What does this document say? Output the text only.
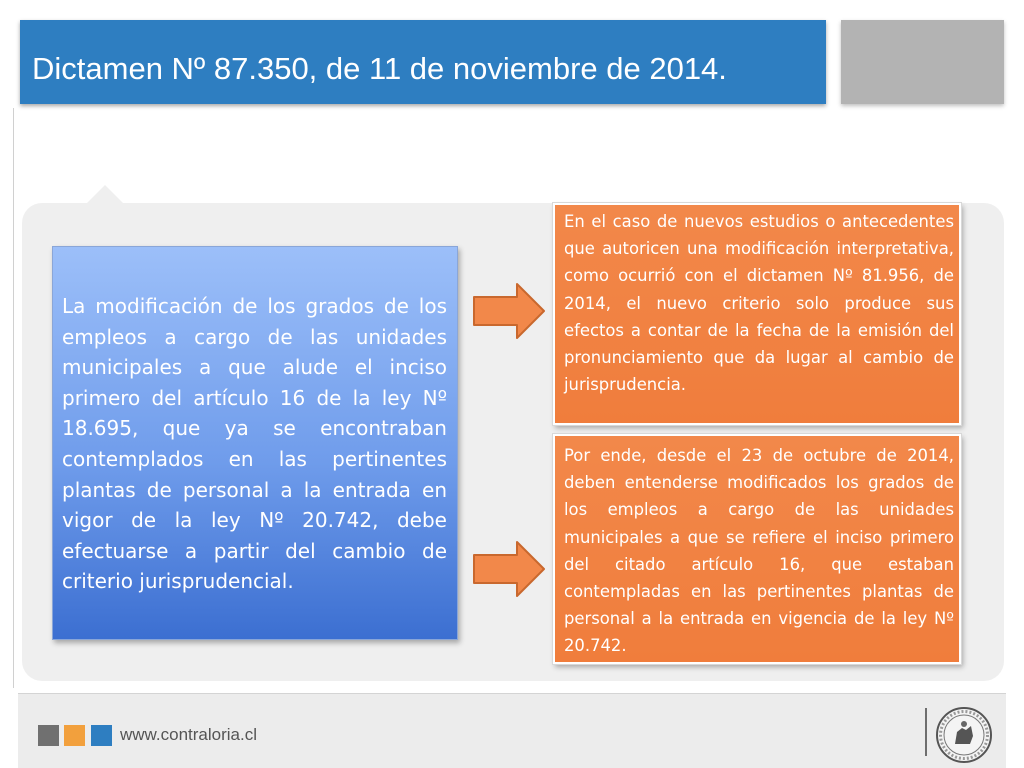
Dictamen Nº 87.350, de 11 de noviembre de 2014.

La modificación de los grados de los empleos a cargo de las unidades municipales a que alude el inciso primero del artículo 16 de la ley Nº 18.695, que ya se encontraban contemplados en las pertinentes plantas de personal a la entrada en vigor de la ley Nº 20.742, debe efectuarse a partir del cambio de criterio jurisprudencial.

En el caso de nuevos estudios o antecedentes que autoricen una modificación interpretativa, como ocurrió con el dictamen Nº 81.956, de 2014, el nuevo criterio solo produce sus efectos a contar de la fecha de la emisión del pronunciamiento que da lugar al cambio de jurisprudencia.

Por ende, desde el 23 de octubre de 2014, deben entenderse modificados los grados de los empleos a cargo de las unidades municipales a que se refiere el inciso primero del citado artículo 16, que estaban contempladas en las pertinentes plantas de personal a la entrada en vigencia de la ley Nº 20.742.

www.contraloria.cl
